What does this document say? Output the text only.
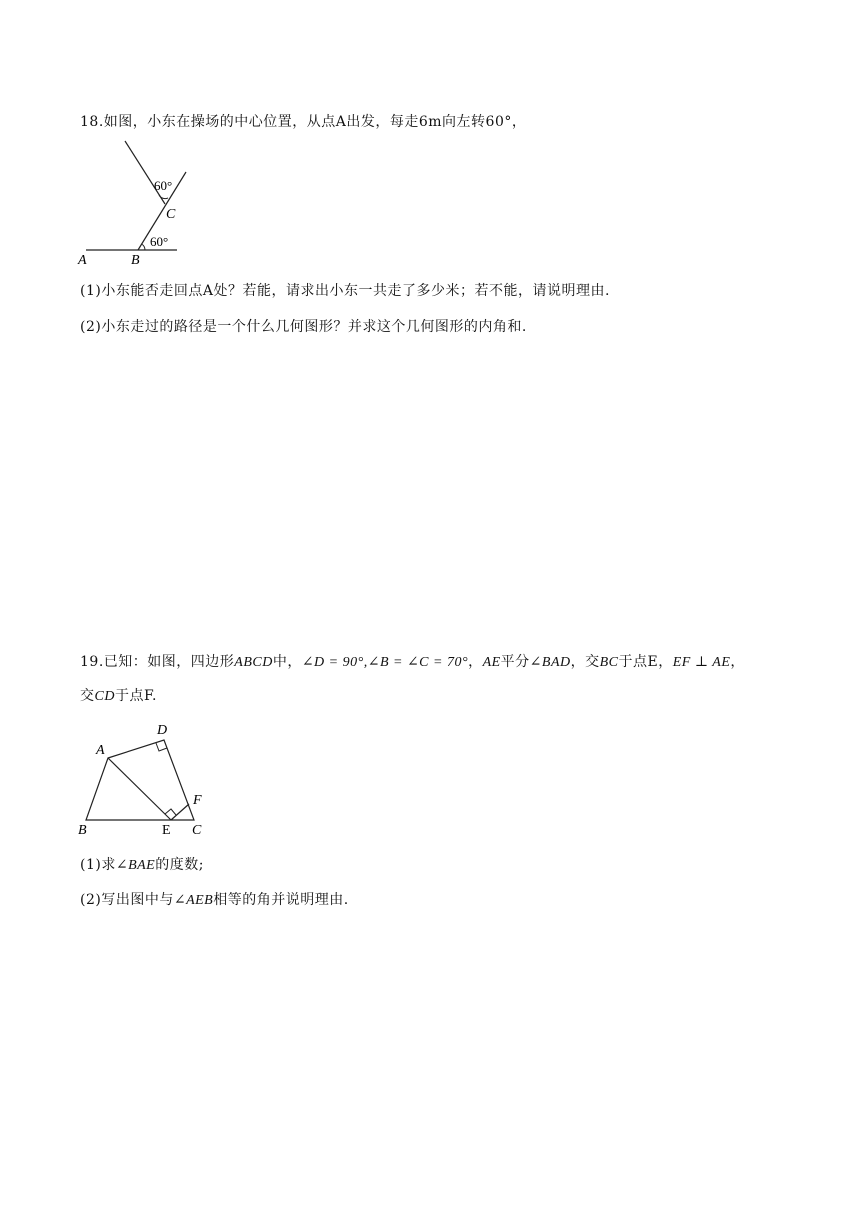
18.如图，小东在操场的中心位置，从点A出发，每走6m向左转60°，
A	B
C
60°
60°
(1)小东能否走回点A处？若能，请求出小东一共走了多少米；若不能，请说明理由.
(2)小东走过的路径是一个什么几何图形？并求这个几何图形的内角和.
19.已知：如图，四边形ABCD中，∠D = 90°,∠B = ∠C = 70°，AE平分∠BAD，交BC于点E，EF ⊥ AE，
交CD于点F.
A
B	C
D
E
F
(1)求∠BAE的度数;
(2)写出图中与∠AEB相等的角并说明理由.
